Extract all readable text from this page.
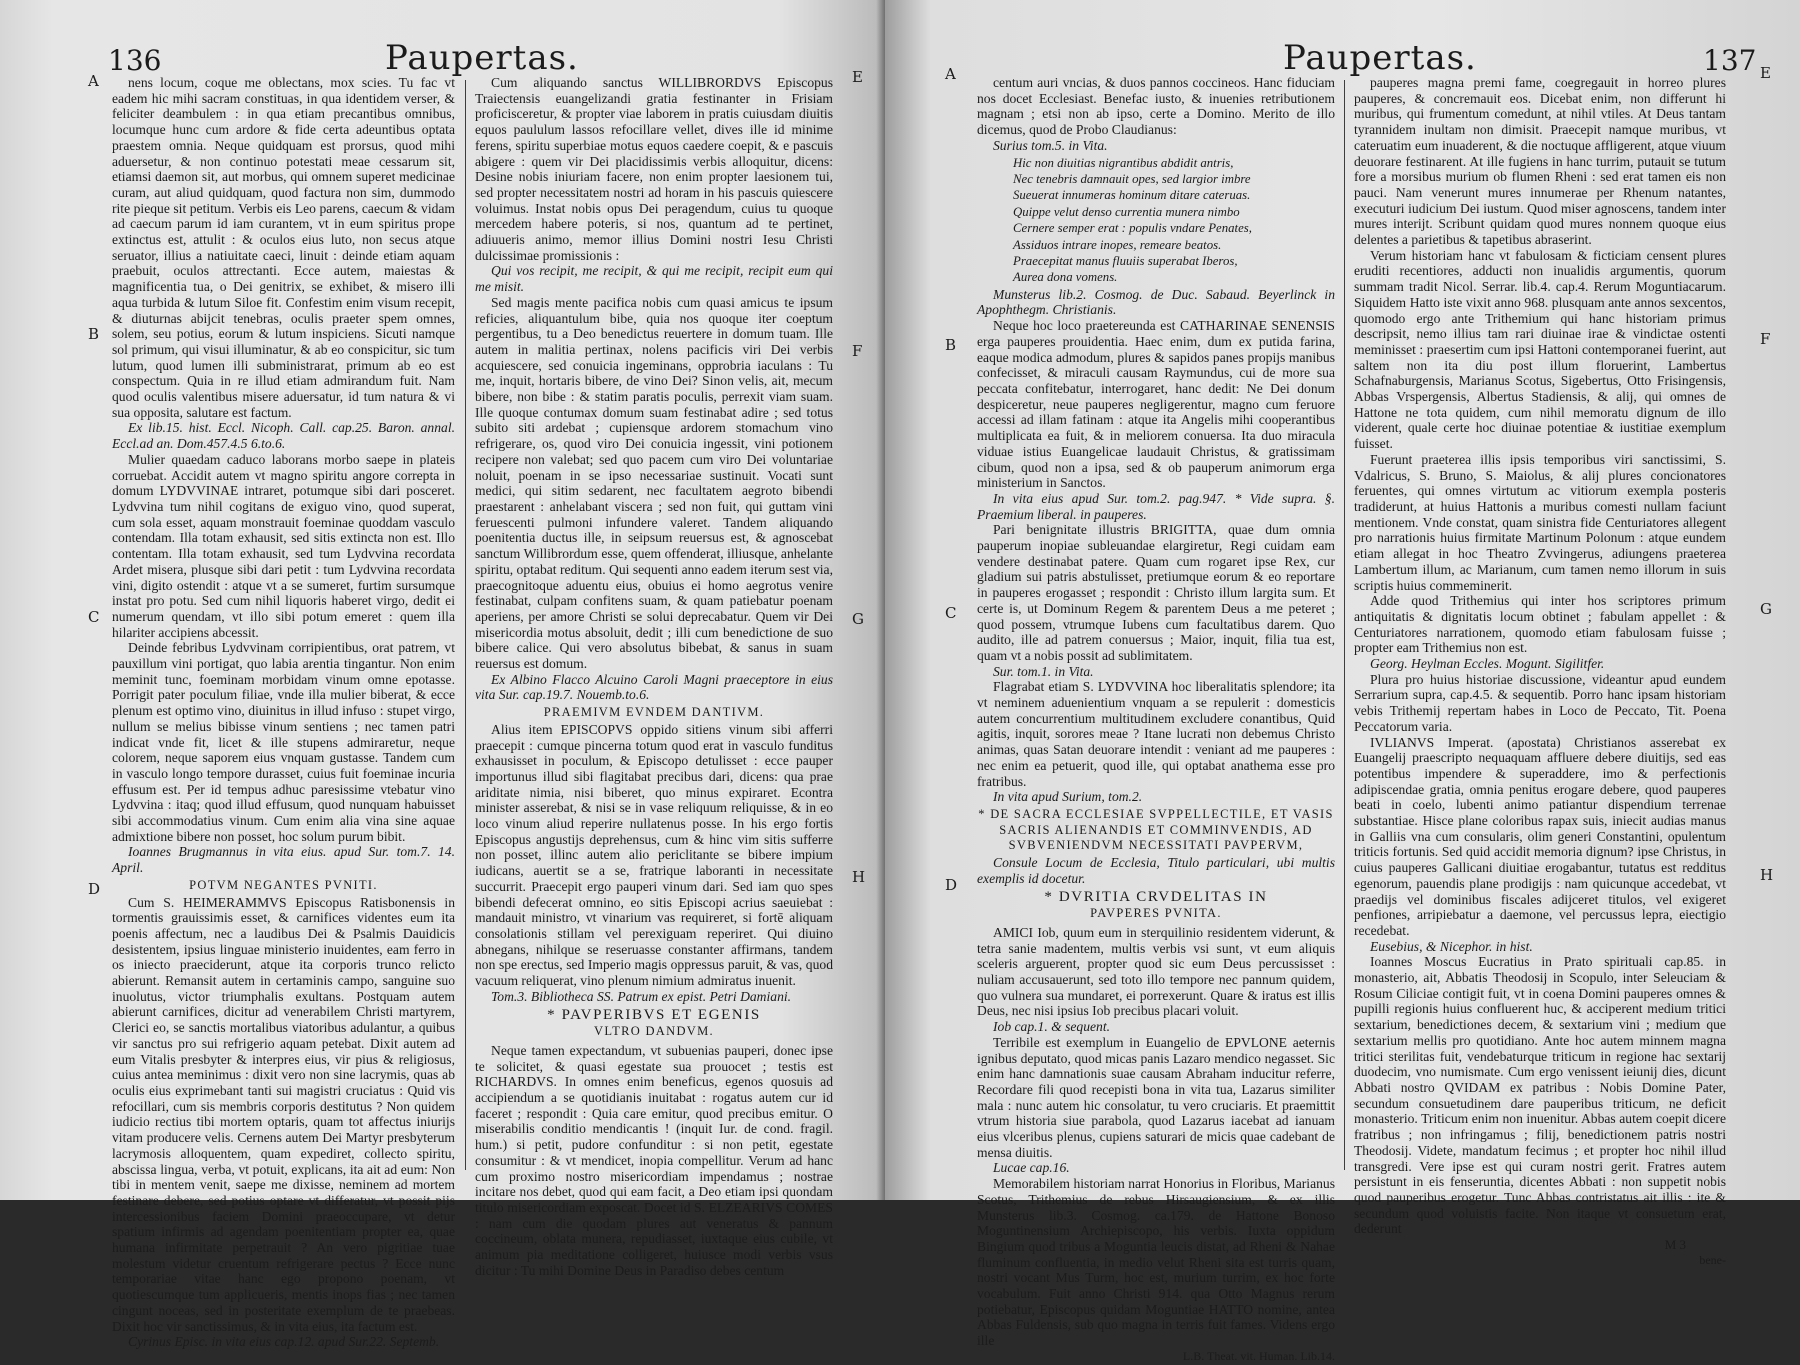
136	Paupertas.
A
B
C
D
E
F
G
H

nens locum, coque me oblectans, mox scies. Tu fac vt eadem hic mihi sacram constituas, in qua identidem verser, & feliciter deambulem : in qua etiam precantibus omnibus, locumque hunc cum ardore & fide certa adeuntibus optata praestem omnia. Neque quidquam est prorsus, quod mihi aduersetur, & non continuo potestati meae cessarum sit, etiamsi daemon sit, aut morbus, qui omnem superet medicinae curam, aut aliud quidquam, quod factura non sim, dummodo rite pieque sit petitum. Verbis eis Leo parens, caecum & vidam ad caecum parum id iam curantem, vt in eum spiritus prope extinctus est, attulit : & oculos eius luto, non secus atque seruator, illius a natiuitate caeci, linuit : deinde etiam aquam praebuit, oculos attrectanti. Ecce autem, maiestas & magnificentia tua, o Dei genitrix, se exhibet, & misero illi aqua turbida & lutum Siloe fit. Confestim enim visum recepit, & diuturnas abijcit tenebras, oculis praeter spem omnes, solem, seu potius, eorum & lutum inspiciens. Sicuti namque sol primum, qui visui illuminatur, & ab eo conspicitur, sic tum lutum, quod lumen illi subministrarat, primum ab eo est conspectum. Quia in re illud etiam admirandum fuit. Nam quod oculis valentibus misere aduersatur, id tum natura & vi sua opposita, salutare est factum.

Ex lib.15. hist. Eccl. Nicoph. Call. cap.25. Baron. annal. Eccl.ad an. Dom.457.4.5 6.to.6.

Mulier quaedam caduco laborans morbo saepe in plateis corruebat. Accidit autem vt magno spiritu angore correpta in domum LYDVVINAE intraret, potumque sibi dari posceret. Lydvvina tum nihil cogitans de exiguo vino, quod superat, cum sola esset, aquam monstrauit foeminae quoddam vasculo contendam. Illa totam exhausit, sed sitis extincta non est. Illo contentam. Illa totam exhausit, sed tum Lydvvina recordata Ardet misera, plusque sibi dari petit : tum Lydvvina recordata vini, digito ostendit : atque vt a se sumeret, furtim sursumque instat pro potu. Sed cum nihil liquoris haberet virgo, dedit ei numerum quendam, vt illo sibi potum emeret : quem illa hilariter accipiens abcessit.

Deinde febribus Lydvvinam corripientibus, orat patrem, vt pauxillum vini portigat, quo labia arentia tingantur. Non enim meminit tunc, foeminam morbidam vinum omne epotasse. Porrigit pater poculum filiae, vnde illa mulier biberat, & ecce plenum est optimo vino, diuinitus in illud infuso : stupet virgo, nullum se melius bibisse vinum sentiens ; nec tamen patri indicat vnde fit, licet & ille stupens admiraretur, neque colorem, neque saporem eius vnquam gustasse. Tandem cum in vasculo longo tempore durasset, cuius fuit foeminae incuria effusum est. Per id tempus adhuc paresissime vtebatur vino Lydvvina : itaq; quod illud effusum, quod nunquam habuisset sibi accommodatius vinum. Cum enim alia vina sine aquae admixtione bibere non posset, hoc solum purum bibit.

Ioannes Brugmannus in vita eius. apud Sur. tom.7. 14. April.

POTVM NEGANTES PVNITI.

Cum S. HEIMERAMMVS Episcopus Ratisbonensis in tormentis grauissimis esset, & carnifices videntes eum ita poenis affectum, nec a laudibus Dei & Psalmis Dauidicis desistentem, ipsius linguae ministerio inuidentes, eam ferro in os iniecto praeciderunt, atque ita corporis trunco relicto abierunt. Remansit autem in certaminis campo, sanguine suo inuolutus, victor triumphalis exultans. Postquam autem abierunt carnifices, dicitur ad venerabilem Christi martyrem, Clerici eo, se sanctis mortalibus viatoribus adulantur, a quibus vir sanctus pro sui refrigerio aquam petebat. Dixit autem ad eum Vitalis presbyter & interpres eius, vir pius & religiosus, cuius antea meminimus : dixit vero non sine lacrymis, quas ab oculis eius exprimebant tanti sui magistri cruciatus : Quid vis refocillari, cum sis membris corporis destitutus ? Non quidem iudicio rectius tibi mortem optaris, quam tot affectus iniurijs vitam producere velis. Cernens autem Dei Martyr presbyterum lacrymosis alloquentem, quam expediret, collecto spiritu, abscissa lingua, verba, vt potuit, explicans, ita ait ad eum: Non tibi in mentem venit, saepe me dixisse, neminem ad mortem festinare debere, sed potius optare vt differatur, vt possit pijs intercessionibus faciem Domini praeoccupare, vt detur spatium infirmis ad agendam poenitentiam propter ea, quae humana infirmitate perpetrauit ? An vero pigritiae tuae molestum videtur cruentum refrigerare pectus ? Ecce nunc temporariae vitae hanc ego propono poenam, vt quotiescumque tum applicueris, mentis inops fias ; nec tamen cingunt noceas, sed in posteritate exemplum de te praebeas. Dixit hoc vir sanctissimus, & in vita eius, ita factum est.

Cyrinus Episc. in vita eius cap.12. apud Sur.22. Septemb.

Cum aliquando sanctus WILLIBRORDVS Episcopus Traiectensis euangelizandi gratia festinanter in Frisiam proficisceretur, & propter viae laborem in pratis cuiusdam diuitis equos paululum lassos refocillare vellet, dives ille id minime ferens, spiritu superbiae motus equos caedere coepit, & e pascuis abigere : quem vir Dei placidissimis verbis alloquitur, dicens: Desine nobis iniuriam facere, non enim propter laesionem tui, sed propter necessitatem nostri ad horam in his pascuis quiescere voluimus. Instat nobis opus Dei peragendum, cuius tu quoque mercedem habere poteris, si nos, quantum ad te pertinet, adiuueris animo, memor illius Domini nostri Iesu Christi dulcissimae promissionis :

Qui vos recipit, me recipit, & qui me recipit, recipit eum qui me misit.

Sed magis mente pacifica nobis cum quasi amicus te ipsum reficies, aliquantulum bibe, quia nos quoque iter coeptum pergentibus, tu a Deo benedictus reuertere in domum tuam. Ille autem in malitia pertinax, nolens pacificis viri Dei verbis acquiescere, sed conuicia ingeminans, opprobria iaculans : Tu me, inquit, hortaris bibere, de vino Dei? Sinon velis, ait, mecum bibere, non bibe : & statim paratis poculis, perrexit viam suam. Ille quoque contumax domum suam festinabat adire ; sed totus subito siti ardebat ; cupiensque ardorem stomachum vino refrigerare, os, quod viro Dei conuicia ingessit, vini potionem recipere non valebat; sed quo pacem cum viro Dei voluntariae noluit, poenam in se ipso necessariae sustinuit. Vocati sunt medici, qui sitim sedarent, nec facultatem aegroto bibendi praestarent : anhelabant viscera ; sed non fuit, qui guttam vini feruescenti pulmoni infundere valeret. Tandem aliquando poenitentia ductus ille, in seipsum reuersus est, & agnoscebat sanctum Willibrordum esse, quem offenderat, illiusque, anhelante spiritu, optabat reditum. Qui sequenti anno eadem iterum sest via, praecognitoque aduentu eius, obuius ei homo aegrotus venire festinabat, culpam confitens suam, & quam patiebatur poenam aperiens, per amore Christi se solui deprecabatur. Quem vir Dei misericordia motus absoluit, dedit ; illi cum benedictione de suo bibere calice. Qui vero absolutus bibebat, & sanus in suam reuersus est domum.

Ex Albino Flacco Alcuino Caroli Magni praeceptore in eius vita Sur. cap.19.7. Nouemb.to.6.

PRAEMIVM EVNDEM DANTIVM.

Alius item EPISCOPVS oppido sitiens vinum sibi afferri praecepit : cumque pincerna totum quod erat in vasculo funditus exhausisset in poculum, & Episcopo detulisset : ecce pauper importunus illud sibi flagitabat precibus dari, dicens: qua prae ariditate nimia, nisi biberet, quo minus expiraret. Econtra minister asserebat, & nisi se in vase reliquum reliquisse, & in eo loco vinum aliud reperire nullatenus posse. In his ergo fortis Episcopus angustijs deprehensus, cum & hinc vim sitis sufferre non posset, illinc autem alio periclitante se bibere impium iudicans, auertit se a se, fratrique laboranti in necessitate succurrit. Praecepit ergo pauperi vinum dari. Sed iam quo spes bibendi defecerat omnino, eo sitis Episcopi acrius saeuiebat : mandauit ministro, vt vinarium vas requireret, si fortē aliquam consolationis stillam vel perexiguam reperiret. Qui diuino abnegans, nihilque se reseruasse constanter affirmans, tandem non spe erectus, sed Imperio magis oppressus paruit, & vas, quod vacuum reliquerat, vino plenum nimium admiratus inuenit.

Tom.3. Bibliotheca SS. Patrum ex epist. Petri Damiani.

* PAVPERIBVS ET EGENIS

VLTRO DANDVM.

Neque tamen expectandum, vt subuenias pauperi, donec ipse te solicitet, & quasi egestate sua prouocet ; testis est RICHARDVS. In omnes enim beneficus, egenos quosuis ad accipiendum a se quotidianis inuitabat : rogatus autem cur id faceret ; respondit : Quia care emitur, quod precibus emitur. O miserabilis conditio mendicantis ! (inquit Iur. de cond. fragil. hum.) si petit, pudore confunditur : si non petit, egestate consumitur : & vt mendicet, inopia compellitur. Verum ad hanc cum proximo nostro misericordiam impendamus ; nostrae incitare nos debet, quod qui eam facit, a Deo etiam ipsi quondam titulo misericordiam exposcat. Docet id S. ELZEARIVS COMES : nam cum die quodam plures aut veneratus & pannum coccineum, oblata munera, repudiasset, iuxtaque eius cubile, vt animum pia meditatione colligeret, huiusce modi verbis vsus dicitur : Tu mihi Domine Deus in Paradiso debes centum

Paupertas.	137
A
B
C
D
E
F
G
H

centum auri vncias, & duos pannos coccineos. Hanc fiduciam nos docet Ecclesiast. Benefac iusto, & inuenies retributionem magnam ; etsi non ab ipso, certe a Domino. Merito de illo dicemus, quod de Probo Claudianus:

Surius tom.5. in Vita.

Hic non diuitias nigrantibus abdidit antris,

Nec tenebris damnauit opes, sed largior imbre

Sueuerat innumeras hominum ditare cateruas.

Quippe velut denso currentia munera nimbo

Cernere semper erat : populis vndare Penates,

Assiduos intrare inopes, remeare beatos.

Praecepitat manus fluuiis superabat Iberos,

Aurea dona vomens.

Munsterus lib.2. Cosmog. de Duc. Sabaud. Beyerlinck in Apophthegm. Christianis.

Neque hoc loco praetereunda est CATHARINAE SENENSIS erga pauperes prouidentia. Haec enim, dum ex putida farina, eaque modica admodum, plures & sapidos panes propijs manibus confecisset, & miraculi causam Raymundus, cui de more sua peccata confitebatur, interrogaret, hanc dedit: Ne Dei donum despiceretur, neue pauperes negligerentur, magno cum feruore accessi ad illam fatinam : atque ita Angelis mihi cooperantibus multiplicata ea fuit, & in meliorem conuersa. Ita duo miracula viduae istius Euangelicae laudauit Christus, & gratissimam cibum, quod non a ipsa, sed & ob pauperum animorum erga ministerium in Sanctos.

In vita eius apud Sur. tom.2. pag.947. * Vide supra. §. Praemium liberal. in pauperes.

Pari benignitate illustris BRIGITTA, quae dum omnia pauperum inopiae subleuandae elargiretur, Regi cuidam eam vendere destinabat patere. Quam cum rogaret ipse Rex, cur gladium sui patris abstulisset, pretiumque eorum & eo reportare in pauperes erogasset ; respondit : Christo illum largita sum. Et certe is, ut Dominum Regem & parentem Deus a me peteret ; quod possem, vtrumque Iubens cum facultatibus darem. Quo audito, ille ad patrem conuersus ; Maior, inquit, filia tua est, quam vt a nobis possit ad sublimitatem.

Sur. tom.1. in Vita.

Flagrabat etiam S. LYDVVINA hoc liberalitatis splendore; ita vt neminem aduenientium vnquam a se repulerit : domesticis autem concurrentium multitudinem excludere conantibus, Quid agitis, inquit, sorores meae ? Itane lucrati non debemus Christo animas, quas Satan deuorare intendit : veniant ad me pauperes : nec enim ea petuerit, quod ille, qui optabat anathema esse pro fratribus.

In vita apud Surium, tom.2.

* DE SACRA ECCLESIAE SVPPELLECTILE, ET VASIS SACRIS ALIENANDIS ET COMMINVENDIS, AD SVBVENIENDVM NECESSITATI PAVPERVM,

Consule Locum de Ecclesia, Titulo particulari, ubi multis exemplis id docetur.

* DVRITIA CRVDELITAS IN

PAVPERES PVNITA.

AMICI Iob, quum eum in sterquilinio residentem viderunt, & tetra sanie madentem, multis verbis vsi sunt, vt eum aliquis sceleris arguerent, propter quod sic eum Deus percussisset : nuliam accusauerunt, sed toto illo tempore nec pannum quidem, quo vulnera sua mundaret, ei porrexerunt. Quare & iratus est illis Deus, nec nisi ipsius Iob precibus placari voluit.

Iob cap.1. & sequent.

Terribile est exemplum in Euangelio de EPVLONE aeternis ignibus deputato, quod micas panis Lazaro mendico negasset. Sic enim hanc damnationis suae causam Abraham inducitur referre, Recordare fili quod recepisti bona in vita tua, Lazarus similiter mala : nunc autem hic consolatur, tu vero cruciaris. Et praemittit vtrum historia siue parabola, quod Lazarus iacebat ad ianuam eius vlceribus plenus, cupiens saturari de micis quae cadebant de mensa diuitis.

Lucae cap.16.

Memorabilem historiam narrat Honorius in Floribus, Marianus Scotus, Trithemius de rebus Hirsaugiensium, & ex illis Munsterus lib.3. Cosmog. ca.179. de Hattone Bonoso Moguntinensium Archiepiscopo, his verbis. Iuxta oppidum Bingium quod tribus a Moguntia leucis distat, ad Rheni & Nahae fluminum confluentia, in medio velut Rheni sita est turris quam, nostri vocant Mus Turm, hoc est, murium turrim, ex hoc forte vocabulum. Fuit anno Christi 914. qua Otto Magnus rerum potiebatur, Episcopus quidam Moguntiae HATTO nomine, antea Abbas Fuldensis, sub quo magna in terris fuit fames. Videns ergo ille

L.B. Theat. vit. Human. Lib.14.

pauperes magna premi fame, coegregauit in horreo plures pauperes, & concremauit eos. Dicebat enim, non differunt hi muribus, qui frumentum comedunt, at nihil vtiles. At Deus tantam tyrannidem inultam non dimisit. Praecepit namque muribus, vt cateruatim eum inuaderent, & die noctuque affligerent, atque viuum deuorare festinarent. At ille fugiens in hanc turrim, putauit se tutum fore a morsibus murium ob flumen Rheni : sed erat tamen eis non pauci. Nam venerunt mures innumerae per Rhenum natantes, executuri iudicium Dei iustum. Quod miser agnoscens, tandem inter mures interijt. Scribunt quidam quod mures nonnem quoque eius delentes a parietibus & tapetibus abraserint.

Verum historiam hanc vt fabulosam & ficticiam censent plures eruditi recentiores, adducti non inualidis argumentis, quorum summam tradit Nicol. Serrar. lib.4. cap.4. Rerum Moguntiacarum. Siquidem Hatto iste vixit anno 968. plusquam ante annos sexcentos, quomodo ergo ante Trithemium qui hanc historiam primus descripsit, nemo illius tam rari diuinae irae & vindictae ostenti meminisset : praesertim cum ipsi Hattoni contemporanei fuerint, aut saltem non ita diu post illum floruerint, Lambertus Schafnaburgensis, Marianus Scotus, Sigebertus, Otto Frisingensis, Abbas Vrspergensis, Albertus Stadiensis, & alij, qui omnes de Hattone ne tota quidem, cum nihil memoratu dignum de illo viderent, quale certe hoc diuinae potentiae & iustitiae exemplum fuisset.

Fuerunt praeterea illis ipsis temporibus viri sanctissimi, S. Vdalricus, S. Bruno, S. Maiolus, & alij plures concionatores feruentes, qui omnes virtutum ac vitiorum exempla posteris tradiderunt, at huius Hattonis a muribus comesti nullam faciunt mentionem. Vnde constat, quam sinistra fide Centuriatores allegent pro narrationis huius firmitate Martinum Polonum : atque eundem etiam allegat in hoc Theatro Zvvingerus, adiungens praeterea Lambertum illum, ac Marianum, cum tamen nemo illorum in suis scriptis huius commeminerit.

Adde quod Trithemius qui inter hos scriptores primum antiquitatis & dignitatis locum obtinet ; fabulam appellet : & Centuriatores narrationem, quomodo etiam fabulosam fuisse ; propter eam Trithemius non est.

Georg. Heylman Eccles. Mogunt. Sigilitfer.

Plura pro huius historiae discussione, videantur apud eundem Serrarium supra, cap.4.5. & sequentib. Porro hanc ipsam historiam vebis Trithemij repertam habes in Loco de Peccato, Tit. Poena Peccatorum varia.

IVLIANVS Imperat. (apostata) Christianos asserebat ex Euangelij praescripto nequaquam affluere debere diuitijs, sed eas potentibus impendere & superaddere, imo & perfectionis adipiscendae gratia, omnia penitus erogare debere, quod pauperes beati in coelo, lubenti animo patiantur dispendium terrenae substantiae. Hisce plane coloribus rapax suis, iniecit audias manus in Galliis vna cum consularis, olim generi Constantini, opulentum triticis fortunis. Sed quid accidit memoria dignum? ipse Christus, in cuius pauperes Gallicani diuitiae erogabantur, tutatus est redditus egenorum, pauendis plane prodigijs : nam quicunque accedebat, vt praedijs vel dominibus fiscales adijceret titulos, vel exigeret penfiones, arripiebatur a daemone, vel percussus lepra, eiectigio recedebat.

Eusebius, & Nicephor. in hist.

Ioannes Moscus Eucratius in Prato spirituali cap.85. in monasterio, ait, Abbatis Theodosij in Scopulo, inter Seleuciam & Rosum Ciliciae contigit fuit, vt in coena Domini pauperes omnes & pupilli regionis huius confluerent huc, & acciperent medium tritici sextarium, benedictiones decem, & sextarium vini ; medium que sextarium mellis pro quotidiano. Ante hoc autem minnem magna tritici sterilitas fuit, vendebaturque triticum in regione hac sextarij duodecim, vno numismate. Cum ergo venissent ieiunij dies, dicunt Abbati nostro QVIDAM ex patribus : Nobis Domine Pater, secundum consuetudinem dare pauperibus triticum, ne deficit monasterio. Triticum enim non inuenitur. Abbas autem coepit dicere fratribus ; non infringamus ; filij, benedictionem patris nostri Theodosij. Videte, mandatum fecimus ; et propter hoc nihil illud transgredi. Vere ipse est qui curam nostri gerit. Fratres autem persistunt in eis fenseruntia, dicentes Abbati : non suppetit nobis quod pauperibus erogetur. Tunc Abbas contristatus ait illis : ite & secundum quod voluistis facite. Non itaque vt consuetum erat, dederunt

M 3

bene-
